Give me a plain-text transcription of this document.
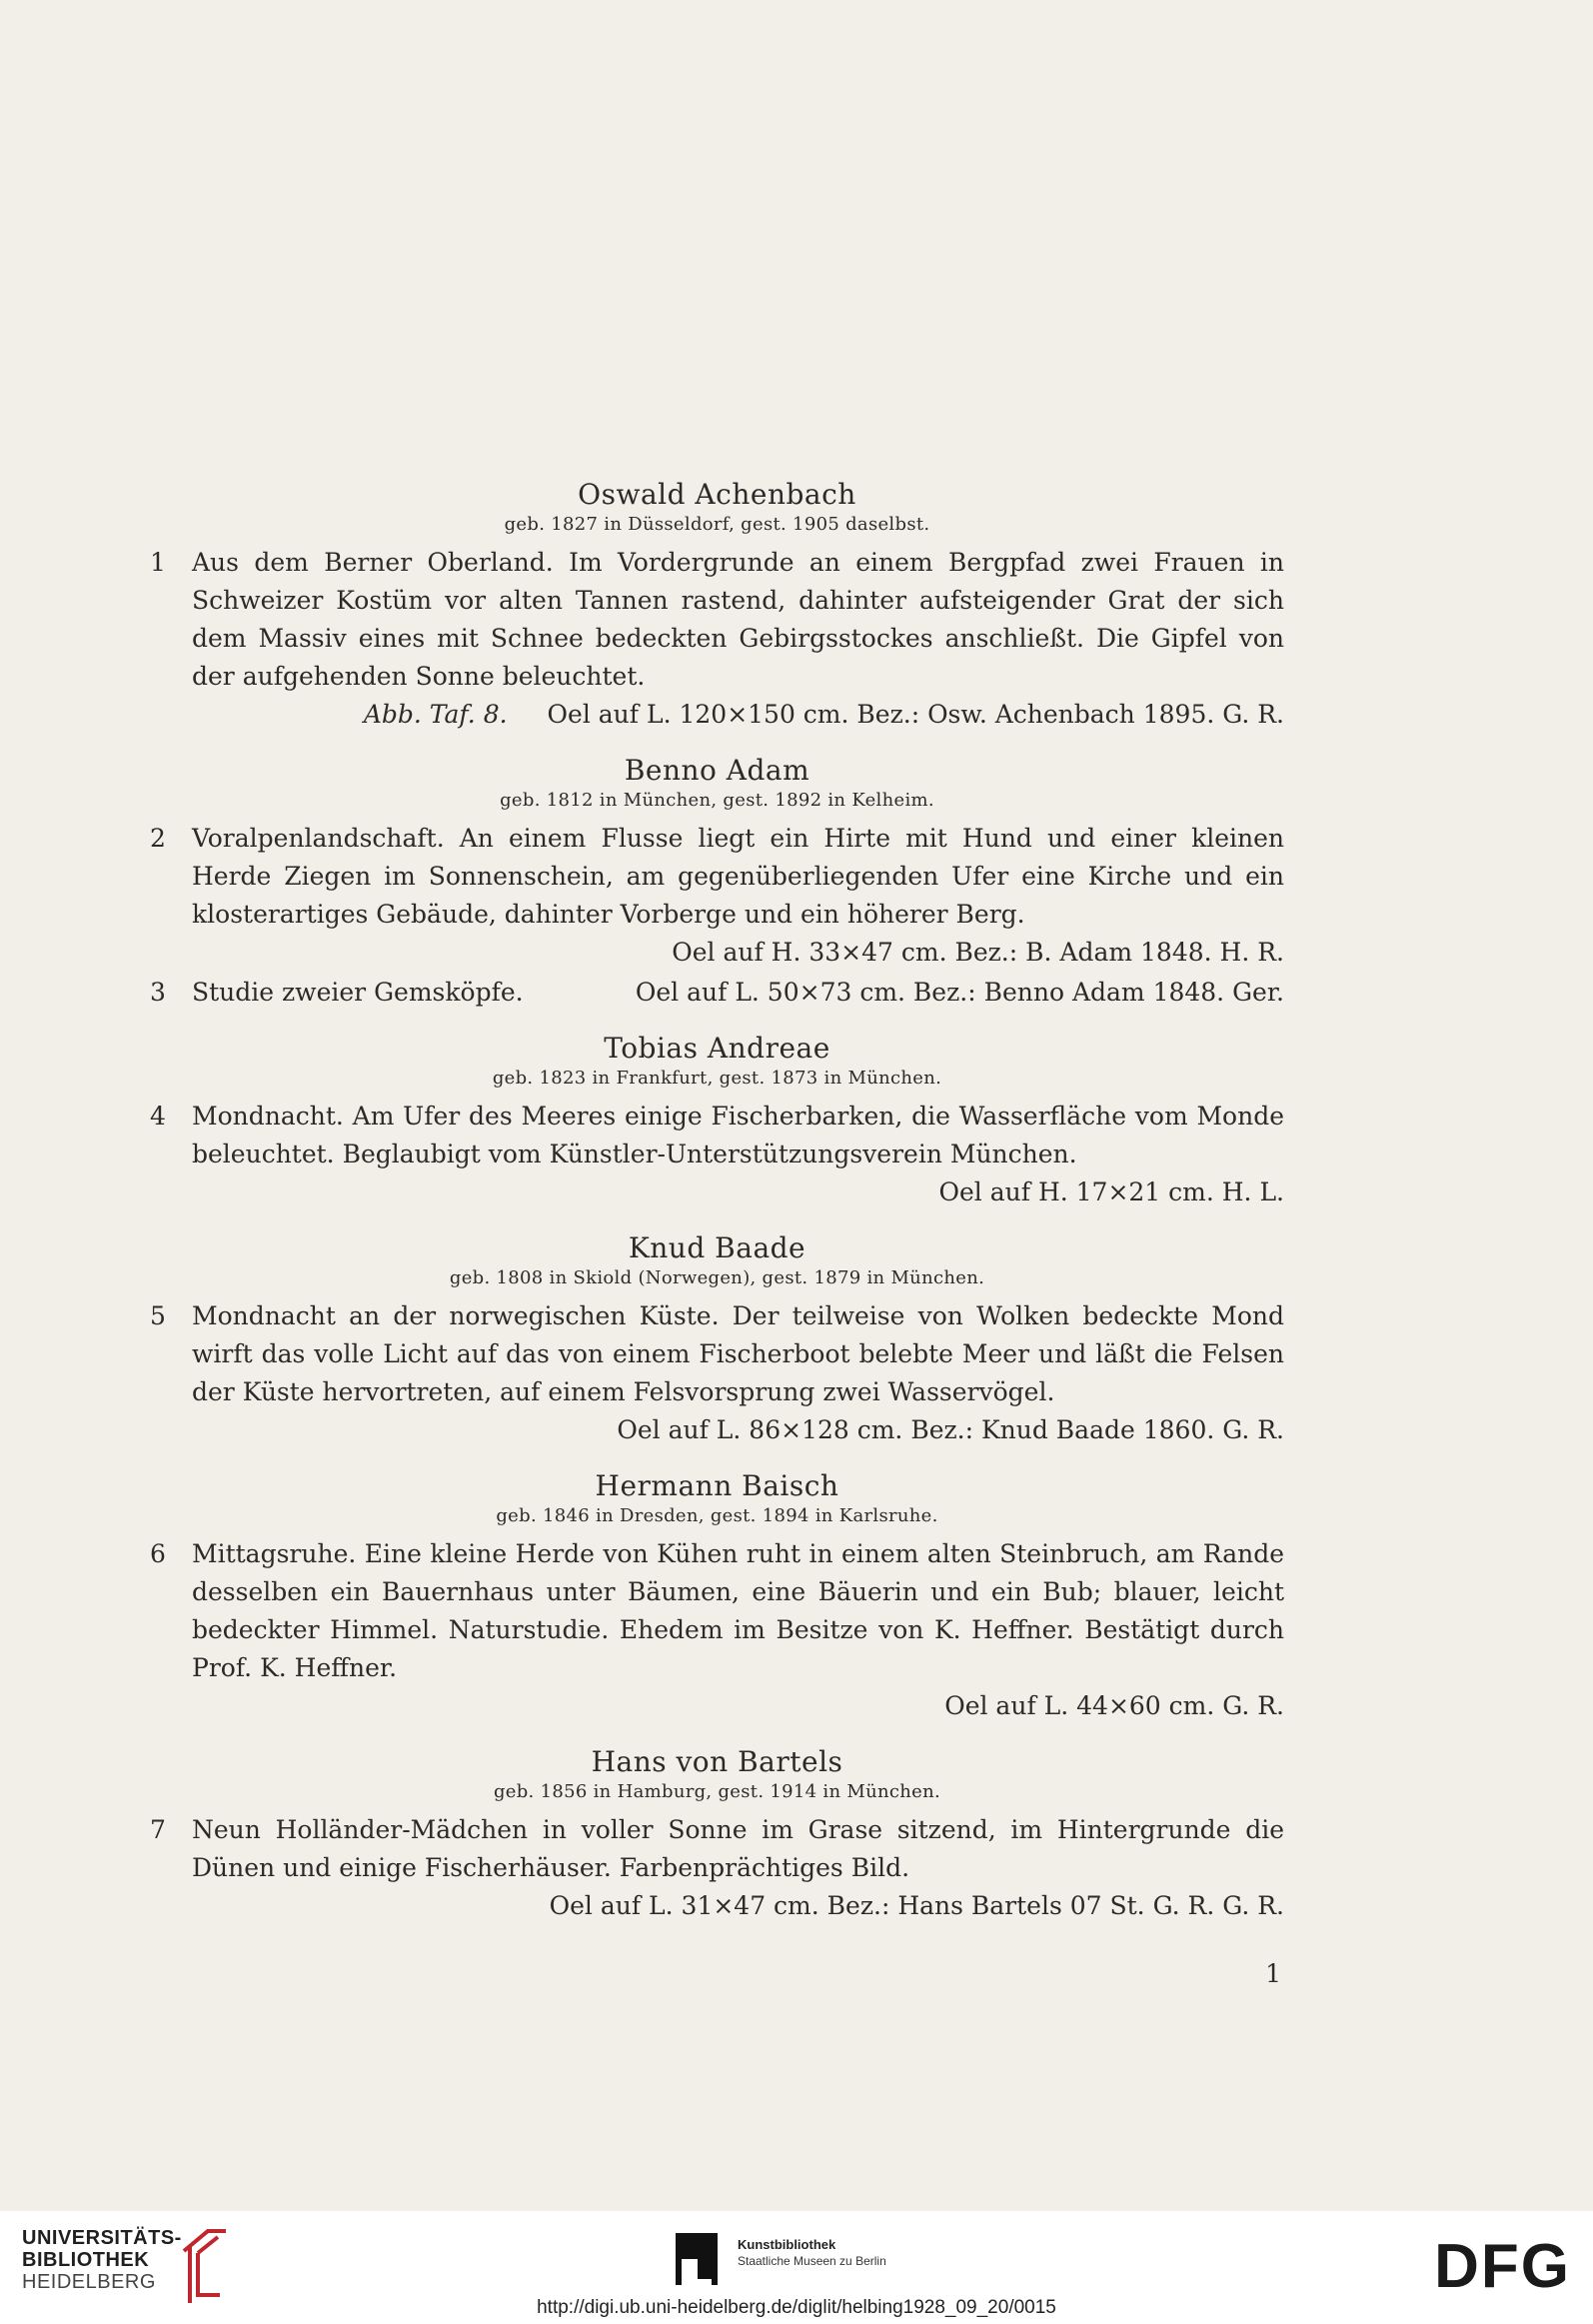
Oswald Achenbach

geb. 1827 in Düsseldorf, gest. 1905 daselbst.

1 Aus dem Berner Oberland. Im Vordergrunde an einem Bergpfad zwei Frauen in Schweizer Kostüm vor alten Tannen rastend, dahinter aufsteigender Grat der sich dem Massiv eines mit Schnee bedeckten Gebirgsstockes anschließt. Die Gipfel von der aufgehenden Sonne beleuchtet.

Abb. Taf. 8. Oel auf L. 120×150 cm. Bez.: Osw. Achenbach 1895. G. R.

Benno Adam

geb. 1812 in München, gest. 1892 in Kelheim.

2 Voralpenlandschaft. An einem Flusse liegt ein Hirte mit Hund und einer kleinen Herde Ziegen im Sonnenschein, am gegenüberliegenden Ufer eine Kirche und ein klosterartiges Gebäude, dahinter Vorberge und ein höherer Berg.

Oel auf H. 33×47 cm. Bez.: B. Adam 1848. H. R.

3 Studie zweier Gemsköpfe.	Oel auf L. 50×73 cm. Bez.: Benno Adam 1848. Ger.

Tobias Andreae

geb. 1823 in Frankfurt, gest. 1873 in München.

4 Mondnacht. Am Ufer des Meeres einige Fischerbarken, die Wasserfläche vom Monde beleuchtet. Beglaubigt vom Künstler-Unterstützungsverein München.

Oel auf H. 17×21 cm. H. L.

Knud Baade

geb. 1808 in Skiold (Norwegen), gest. 1879 in München.

5 Mondnacht an der norwegischen Küste. Der teilweise von Wolken bedeckte Mond wirft das volle Licht auf das von einem Fischerboot belebte Meer und läßt die Felsen der Küste hervortreten, auf einem Felsvorsprung zwei Wasservögel.

Oel auf L. 86×128 cm. Bez.: Knud Baade 1860. G. R.

Hermann Baisch

geb. 1846 in Dresden, gest. 1894 in Karlsruhe.

6 Mittagsruhe. Eine kleine Herde von Kühen ruht in einem alten Steinbruch, am Rande desselben ein Bauernhaus unter Bäumen, eine Bäuerin und ein Bub; blauer, leicht bedeckter Himmel. Naturstudie. Ehedem im Besitze von K. Heffner. Bestätigt durch Prof. K. Heffner.

Oel auf L. 44×60 cm. G. R.

Hans von Bartels

geb. 1856 in Hamburg, gest. 1914 in München.

7 Neun Holländer-Mädchen in voller Sonne im Grase sitzend, im Hintergrunde die Dünen und einige Fischerhäuser. Farbenprächtiges Bild.

Oel auf L. 31×47 cm. Bez.: Hans Bartels 07 St. G. R. G. R.

1
UNIVERSITÄTS-
BIBLIOTHEK
HEIDELBERG
Kunstbibliothek
Staatliche Museen zu Berlin	DFG
http://digi.ub.uni-heidelberg.de/diglit/helbing1928_09_20/0015
